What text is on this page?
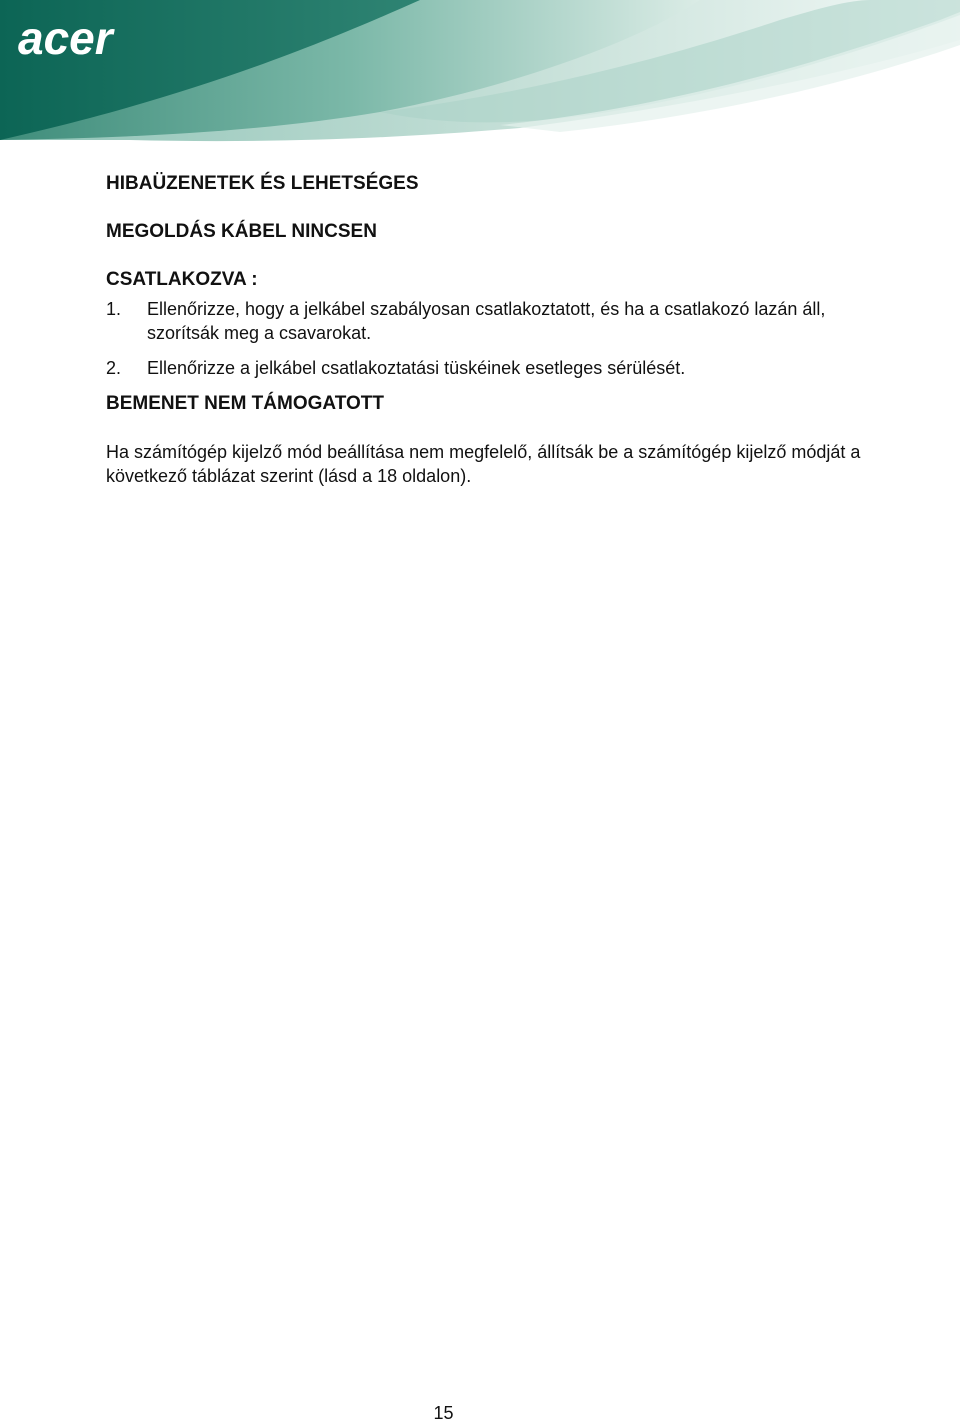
acer
HIBAÜZENETEK ÉS LEHETSÉGES
MEGOLDÁS KÁBEL NINCSEN
CSATLAKOZVA :
1. Ellenőrizze, hogy a jelkábel szabályosan csatlakoztatott, és ha a csatlakozó lazán áll, szorítsák meg a csavarokat.
2. Ellenőrizze a jelkábel csatlakoztatási tüskéinek esetleges sérülését.
BEMENET NEM TÁMOGATOTT

Ha számítógép kijelző mód beállítása nem megfelelő, állítsák be a számítógép kijelző módját a következő táblázat szerint (lásd a 18 oldalon).

15
